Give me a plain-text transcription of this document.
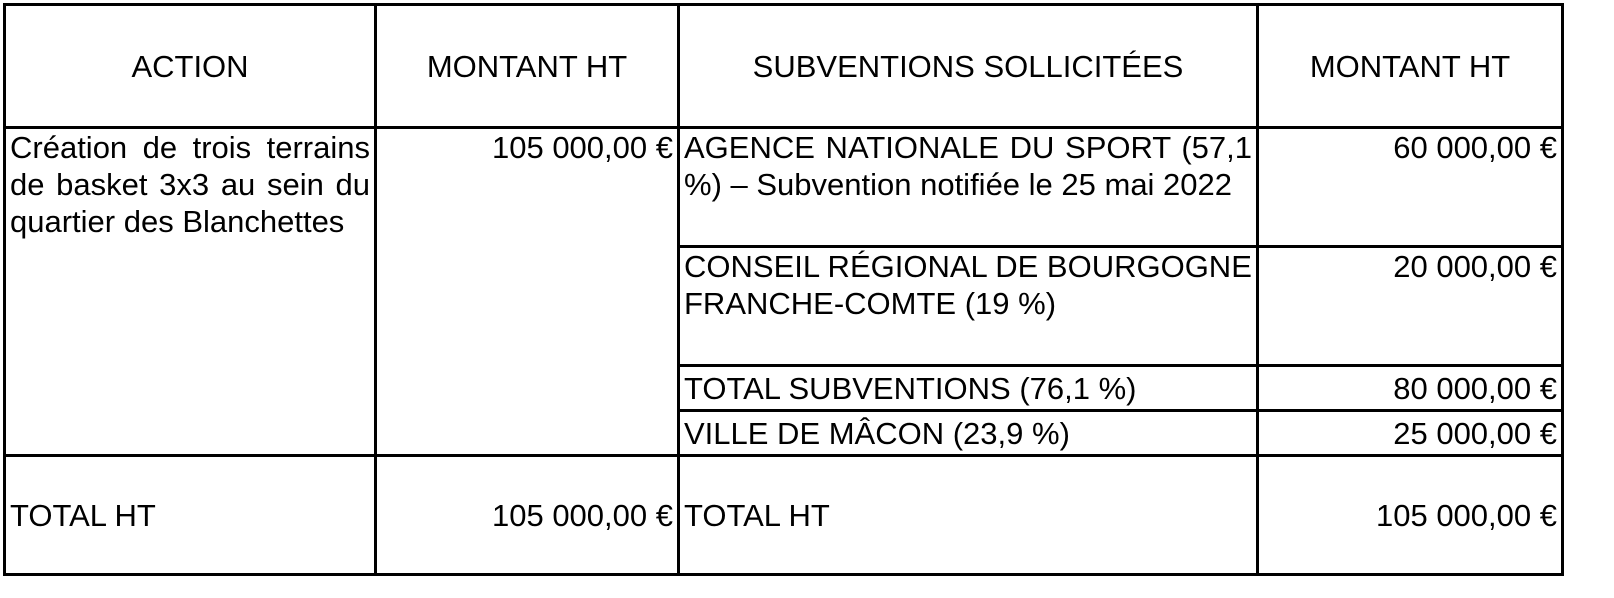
ACTION	MONTANT HT	SUBVENTIONS SOLLICITÉES	MONTANT HT
Création de trois terrains de basket 3x3 au sein du quartier des Blanchettes	105 000,00 €	AGENCE NATIONALE DU SPORT (57,1 %) – Subvention notifiée le 25 mai 2022	60 000,00 €
		CONSEIL RÉGIONAL DE BOURGOGNE FRANCHE-COMTE (19 %)	20 000,00 €
		TOTAL SUBVENTIONS (76,1 %)	80 000,00 €
		VILLE DE MÂCON (23,9 %)	25 000,00 €
TOTAL HT	105 000,00 €	TOTAL HT	105 000,00 €
